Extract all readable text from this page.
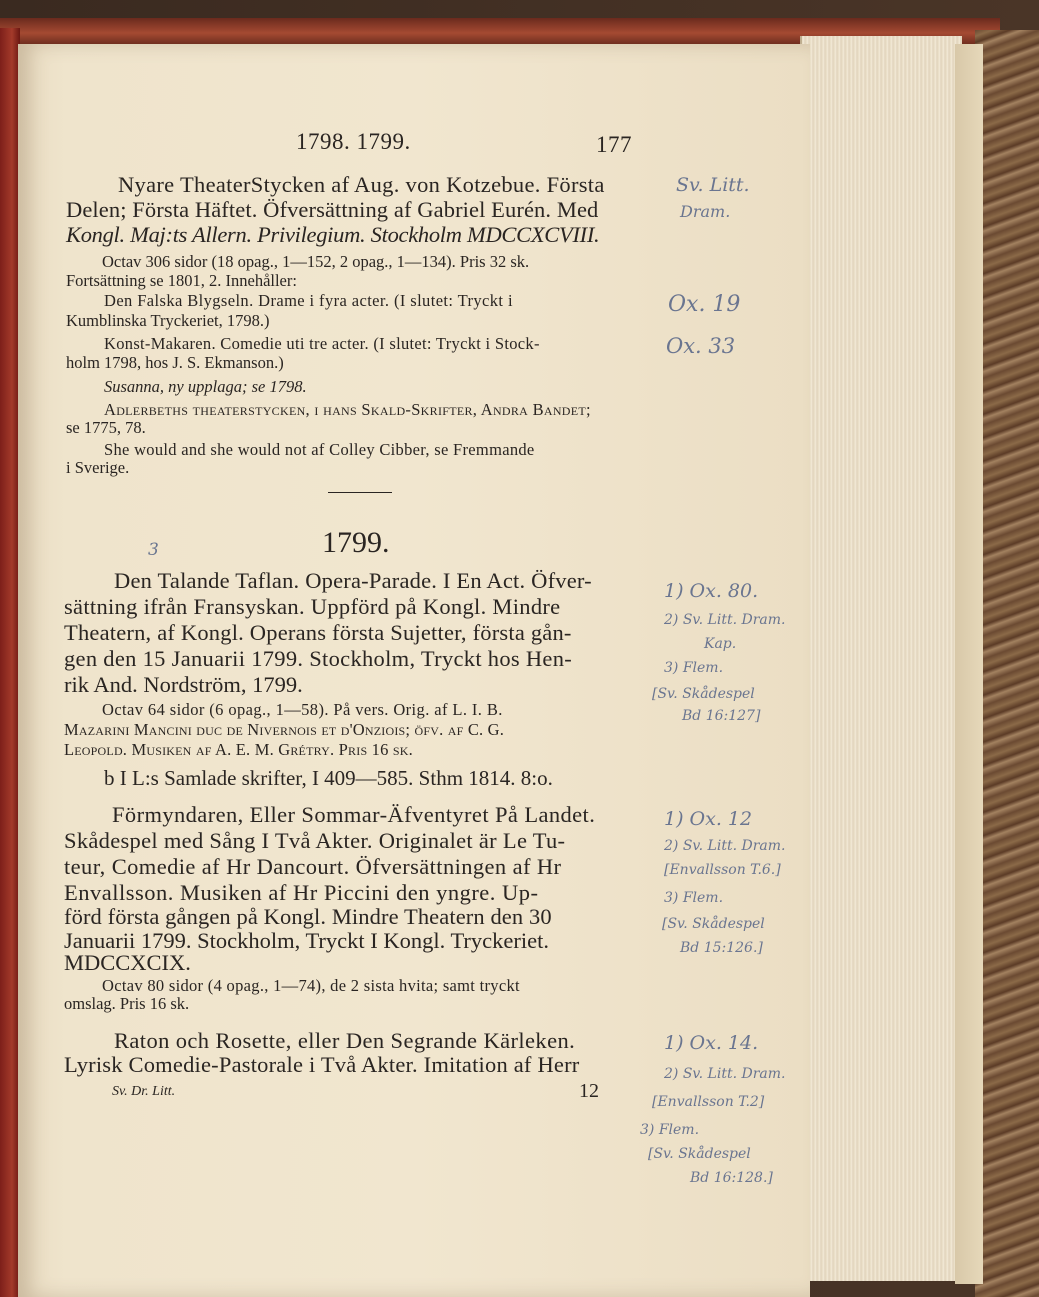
1798. 1799.	177
Nyare TheaterStycken af Aug. von Kotzebue. Första
Delen; Första Häftet. Öfversättning af Gabriel Eurén. Med
Kongl. Maj:ts Allern. Privilegium. Stockholm MDCCXCVIII.
Octav 306 sidor (18 opag., 1—152, 2 opag., 1—134). Pris 32 sk.
Fortsättning se 1801, 2. Innehåller:
Den Falska Blygseln. Drame i fyra acter. (I slutet: Tryckt i
Kumblinska Tryckeriet, 1798.)
Konst-Makaren. Comedie uti tre acter. (I slutet: Tryckt i Stock-
holm 1798, hos J. S. Ekmanson.)
Susanna, ny upplaga; se 1798.
Adlerbeths theaterstycken, i hans Skald-Skrifter, Andra Bandet;
se 1775, 78.
She would and she would not af Colley Cibber, se Fremmande
i Sverige.
1799.
Den Talande Taflan. Opera-Parade. I En Act. Öfver-
sättning ifrån Fransyskan. Uppförd på Kongl. Mindre
Theatern, af Kongl. Operans första Sujetter, första gån-
gen den 15 Januarii 1799. Stockholm, Tryckt hos Hen-
rik And. Nordström, 1799.
Octav 64 sidor (6 opag., 1—58). På vers. Orig. af L. I. B.
Mazarini Mancini duc de Nivernois et d'Onziois; öfv. af C. G.
Leopold. Musiken af A. E. M. Grétry. Pris 16 sk.
b I L:s Samlade skrifter, I 409—585. Sthm 1814. 8:o.
Förmyndaren, Eller Sommar-Äfventyret På Landet.
Skådespel med Sång I Två Akter. Originalet är Le Tu-
teur, Comedie af Hr Dancourt. Öfversättningen af Hr
Envallsson. Musiken af Hr Piccini den yngre. Up-
förd första gången på Kongl. Mindre Theatern den 30
Januarii 1799. Stockholm, Tryckt I Kongl. Tryckeriet.
MDCCXCIX.
Octav 80 sidor (4 opag., 1—74), de 2 sista hvita; samt tryckt
omslag. Pris 16 sk.
Raton och Rosette, eller Den Segrande Kärleken.
Lyrisk Comedie-Pastorale i Två Akter. Imitation af Herr
Sv. Dr. Litt.	12
Sv. Litt.
Dram.
Ox. 19
Ox. 33
3
1) Ox. 80.
2) Sv. Litt. Dram.
Kap.
3) Flem.
[Sv. Skådespel
Bd 16:127]
1) Ox. 12
2) Sv. Litt. Dram.
[Envallsson T.6.]
3) Flem.
[Sv. Skådespel
Bd 15:126.]
1) Ox. 14.
2) Sv. Litt. Dram.
[Envallsson T.2]
3) Flem.
[Sv. Skådespel
Bd 16:128.]
